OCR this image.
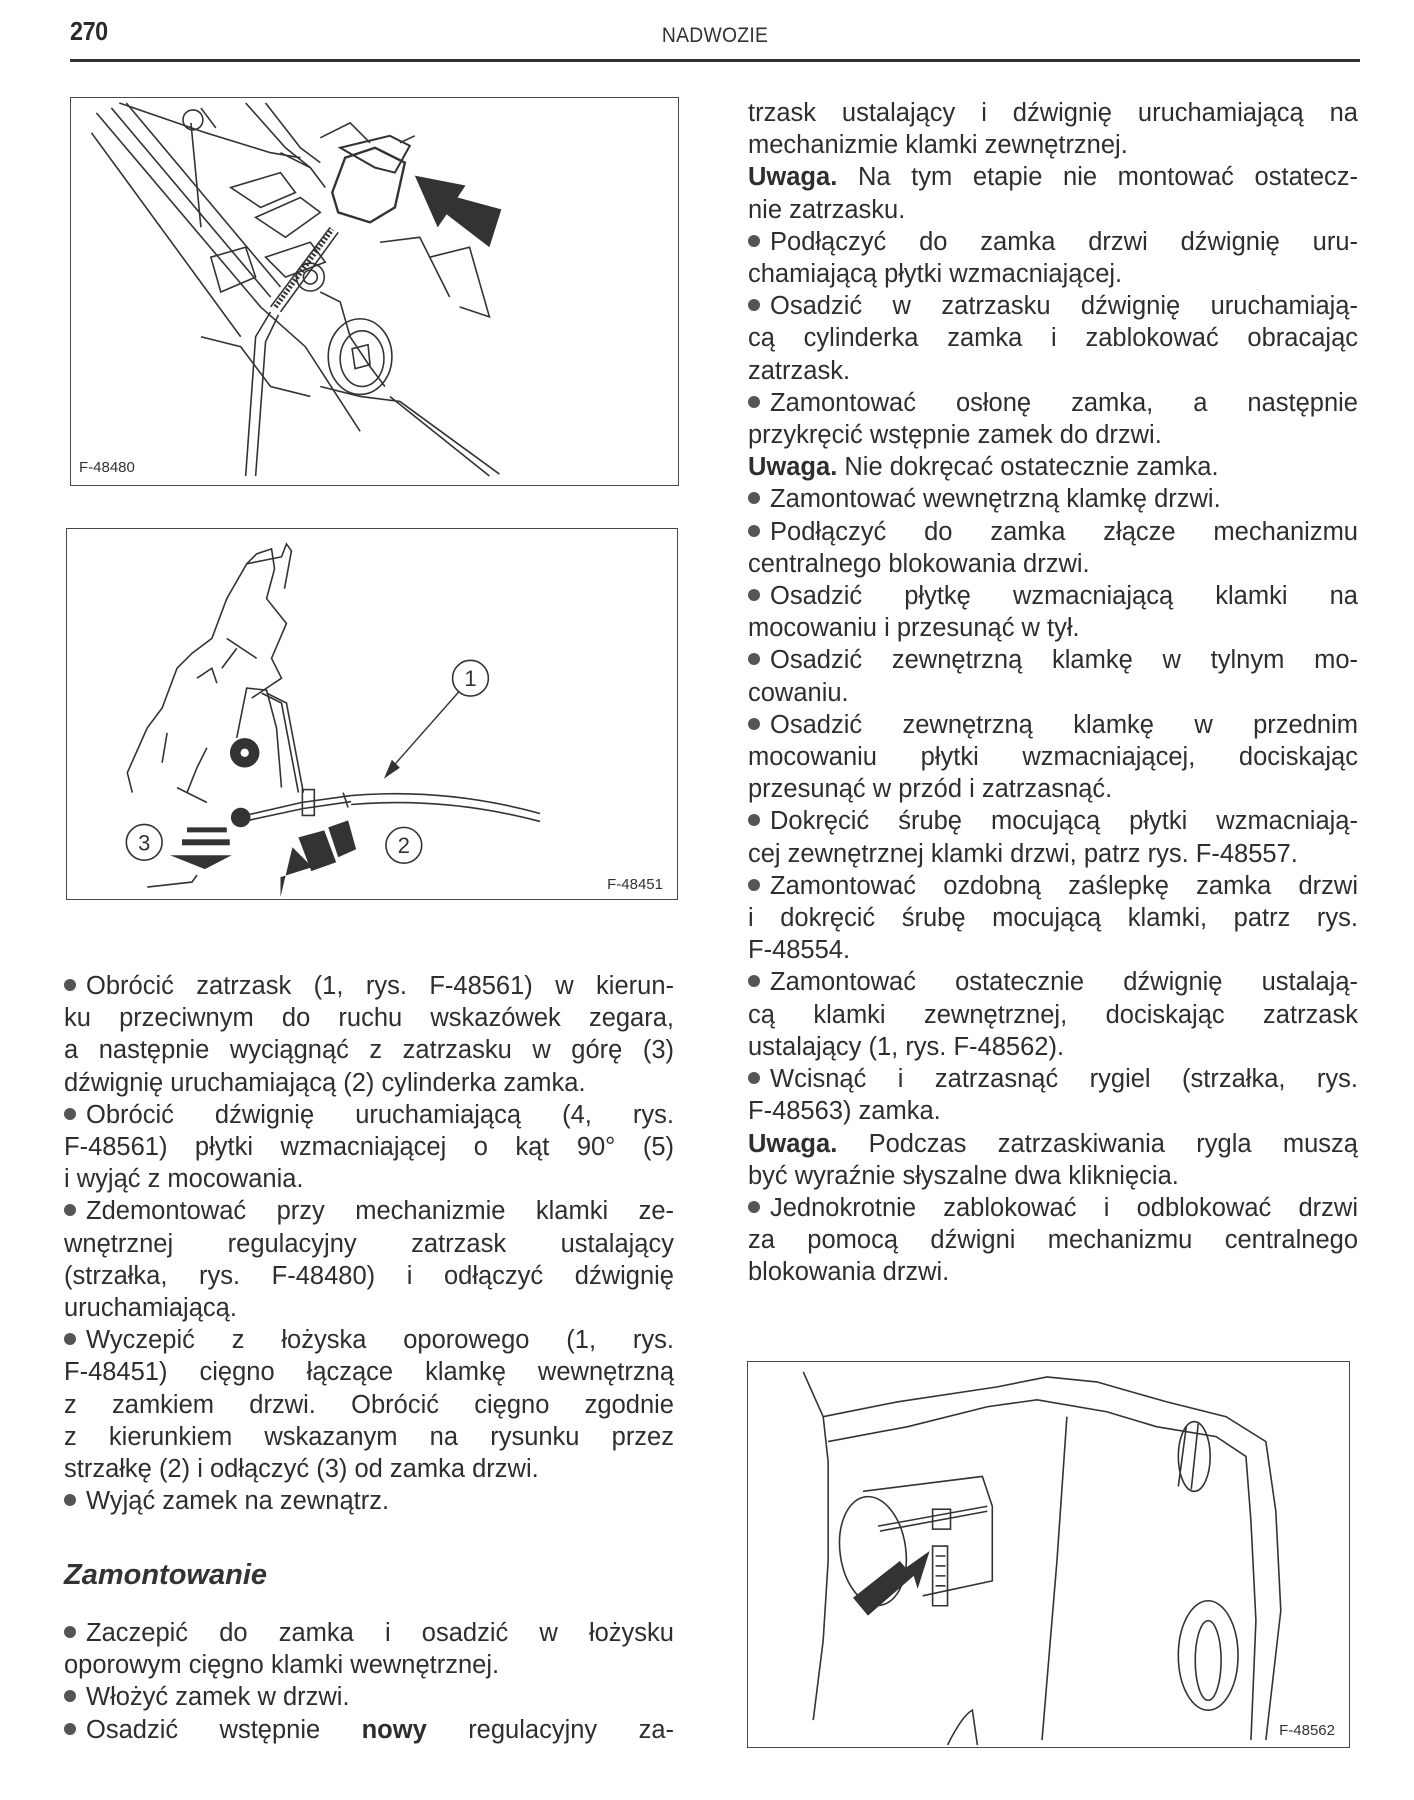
270	NADWOZIE
F-48480
1
2
3
F-48451
F-48562
Obrócić zatrzask (1, rys. F-48561) w kierun-
ku przeciwnym do ruchu wskazówek zegara,
a następnie wyciągnąć z zatrzasku w górę (3)
dźwignię uruchamiającą (2) cylinderka zamka.
Obrócić dźwignię uruchamiającą (4, rys.
F-48561) płytki wzmacniającej o kąt 90° (5)
i wyjąć z mocowania.
Zdemontować przy mechanizmie klamki ze-
wnętrznej regulacyjny zatrzask ustalający
(strzałka, rys. F-48480) i odłączyć dźwignię
uruchamiającą.
Wyczepić z łożyska oporowego (1, rys.
F-48451) cięgno łączące klamkę wewnętrzną
z zamkiem drzwi. Obrócić cięgno zgodnie
z kierunkiem wskazanym na rysunku przez
strzałkę (2) i odłączyć (3) od zamka drzwi.
Wyjąć zamek na zewnątrz.
Zamontowanie
Zaczepić do zamka i osadzić w łożysku
oporowym cięgno klamki wewnętrznej.
Włożyć zamek w drzwi.
Osadzić wstępnie nowy regulacyjny za-
trzask ustalający i dźwignię uruchamiającą na
mechanizmie klamki zewnętrznej.
Uwaga. Na tym etapie nie montować ostatecz-
nie zatrzasku.
Podłączyć do zamka drzwi dźwignię uru-
chamiającą płytki wzmacniającej.
Osadzić w zatrzasku dźwignię uruchamiają-
cą cylinderka zamka i zablokować obracając
zatrzask.
Zamontować osłonę zamka, a następnie
przykręcić wstępnie zamek do drzwi.
Uwaga. Nie dokręcać ostatecznie zamka.
Zamontować wewnętrzną klamkę drzwi.
Podłączyć do zamka złącze mechanizmu
centralnego blokowania drzwi.
Osadzić płytkę wzmacniającą klamki na
mocowaniu i przesunąć w tył.
Osadzić zewnętrzną klamkę w tylnym mo-
cowaniu.
Osadzić zewnętrzną klamkę w przednim
mocowaniu płytki wzmacniającej, dociskając
przesunąć w przód i zatrzasnąć.
Dokręcić śrubę mocującą płytki wzmacniają-
cej zewnętrznej klamki drzwi, patrz rys. F-48557.
Zamontować ozdobną zaślepkę zamka drzwi
i dokręcić śrubę mocującą klamki, patrz rys.
F-48554.
Zamontować ostatecznie dźwignię ustalają-
cą klamki zewnętrznej, dociskając zatrzask
ustalający (1, rys. F-48562).
Wcisnąć i zatrzasnąć rygiel (strzałka, rys.
F-48563) zamka.
Uwaga. Podczas zatrzaskiwania rygla muszą
być wyraźnie słyszalne dwa kliknięcia.
Jednokrotnie zablokować i odblokować drzwi
za pomocą dźwigni mechanizmu centralnego
blokowania drzwi.
